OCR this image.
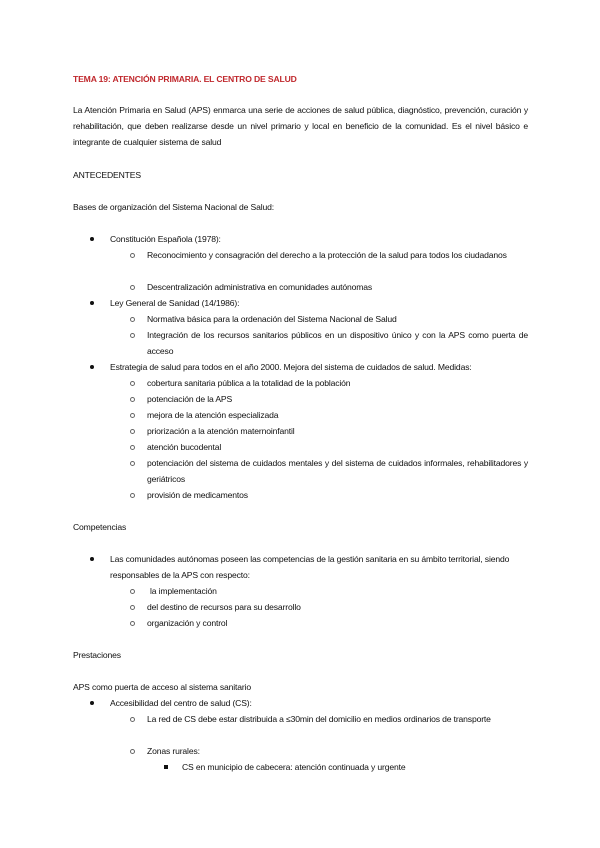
TEMA 19: ATENCIÓN PRIMARIA. EL CENTRO DE SALUD
La Atención Primaria en Salud (APS) enmarca una serie de acciones de salud pública, diagnóstico, prevención, curación y rehabilitación, que deben realizarse desde un nivel primario y local en beneficio de la comunidad. Es el nivel básico e integrante de cualquier sistema de salud
ANTECEDENTES
Bases de organización del Sistema Nacional de Salud:
Constitución Española (1978):
Reconocimiento y consagración del derecho a la protección de la salud para todos los ciudadanos
Descentralización administrativa en comunidades autónomas
Ley General de Sanidad (14/1986):
Normativa básica para la ordenación del Sistema Nacional de Salud
Integración de los recursos sanitarios públicos en un dispositivo único y con la APS como puerta de acceso
Estrategia de salud para todos en el año 2000. Mejora del sistema de cuidados de salud. Medidas:
cobertura sanitaria pública a la totalidad de la población
potenciación de la APS
mejora de la atención especializada
priorización a la atención maternoinfantil
atención bucodental
potenciación del sistema de cuidados mentales y del sistema de cuidados informales, rehabilitadores y geriátricos
provisión de medicamentos
Competencias
Las comunidades autónomas poseen las competencias de la gestión sanitaria en su ámbito territorial, siendo responsables de la APS con respecto:
la implementación
del destino de recursos para su desarrollo
organización y control
Prestaciones
APS como puerta de acceso al sistema sanitario
Accesibilidad del centro de salud (CS):
La red de CS debe estar distribuida a ≤30min del domicilio en medios ordinarios de transporte
Zonas rurales:
CS en municipio de cabecera: atención continuada y urgente
